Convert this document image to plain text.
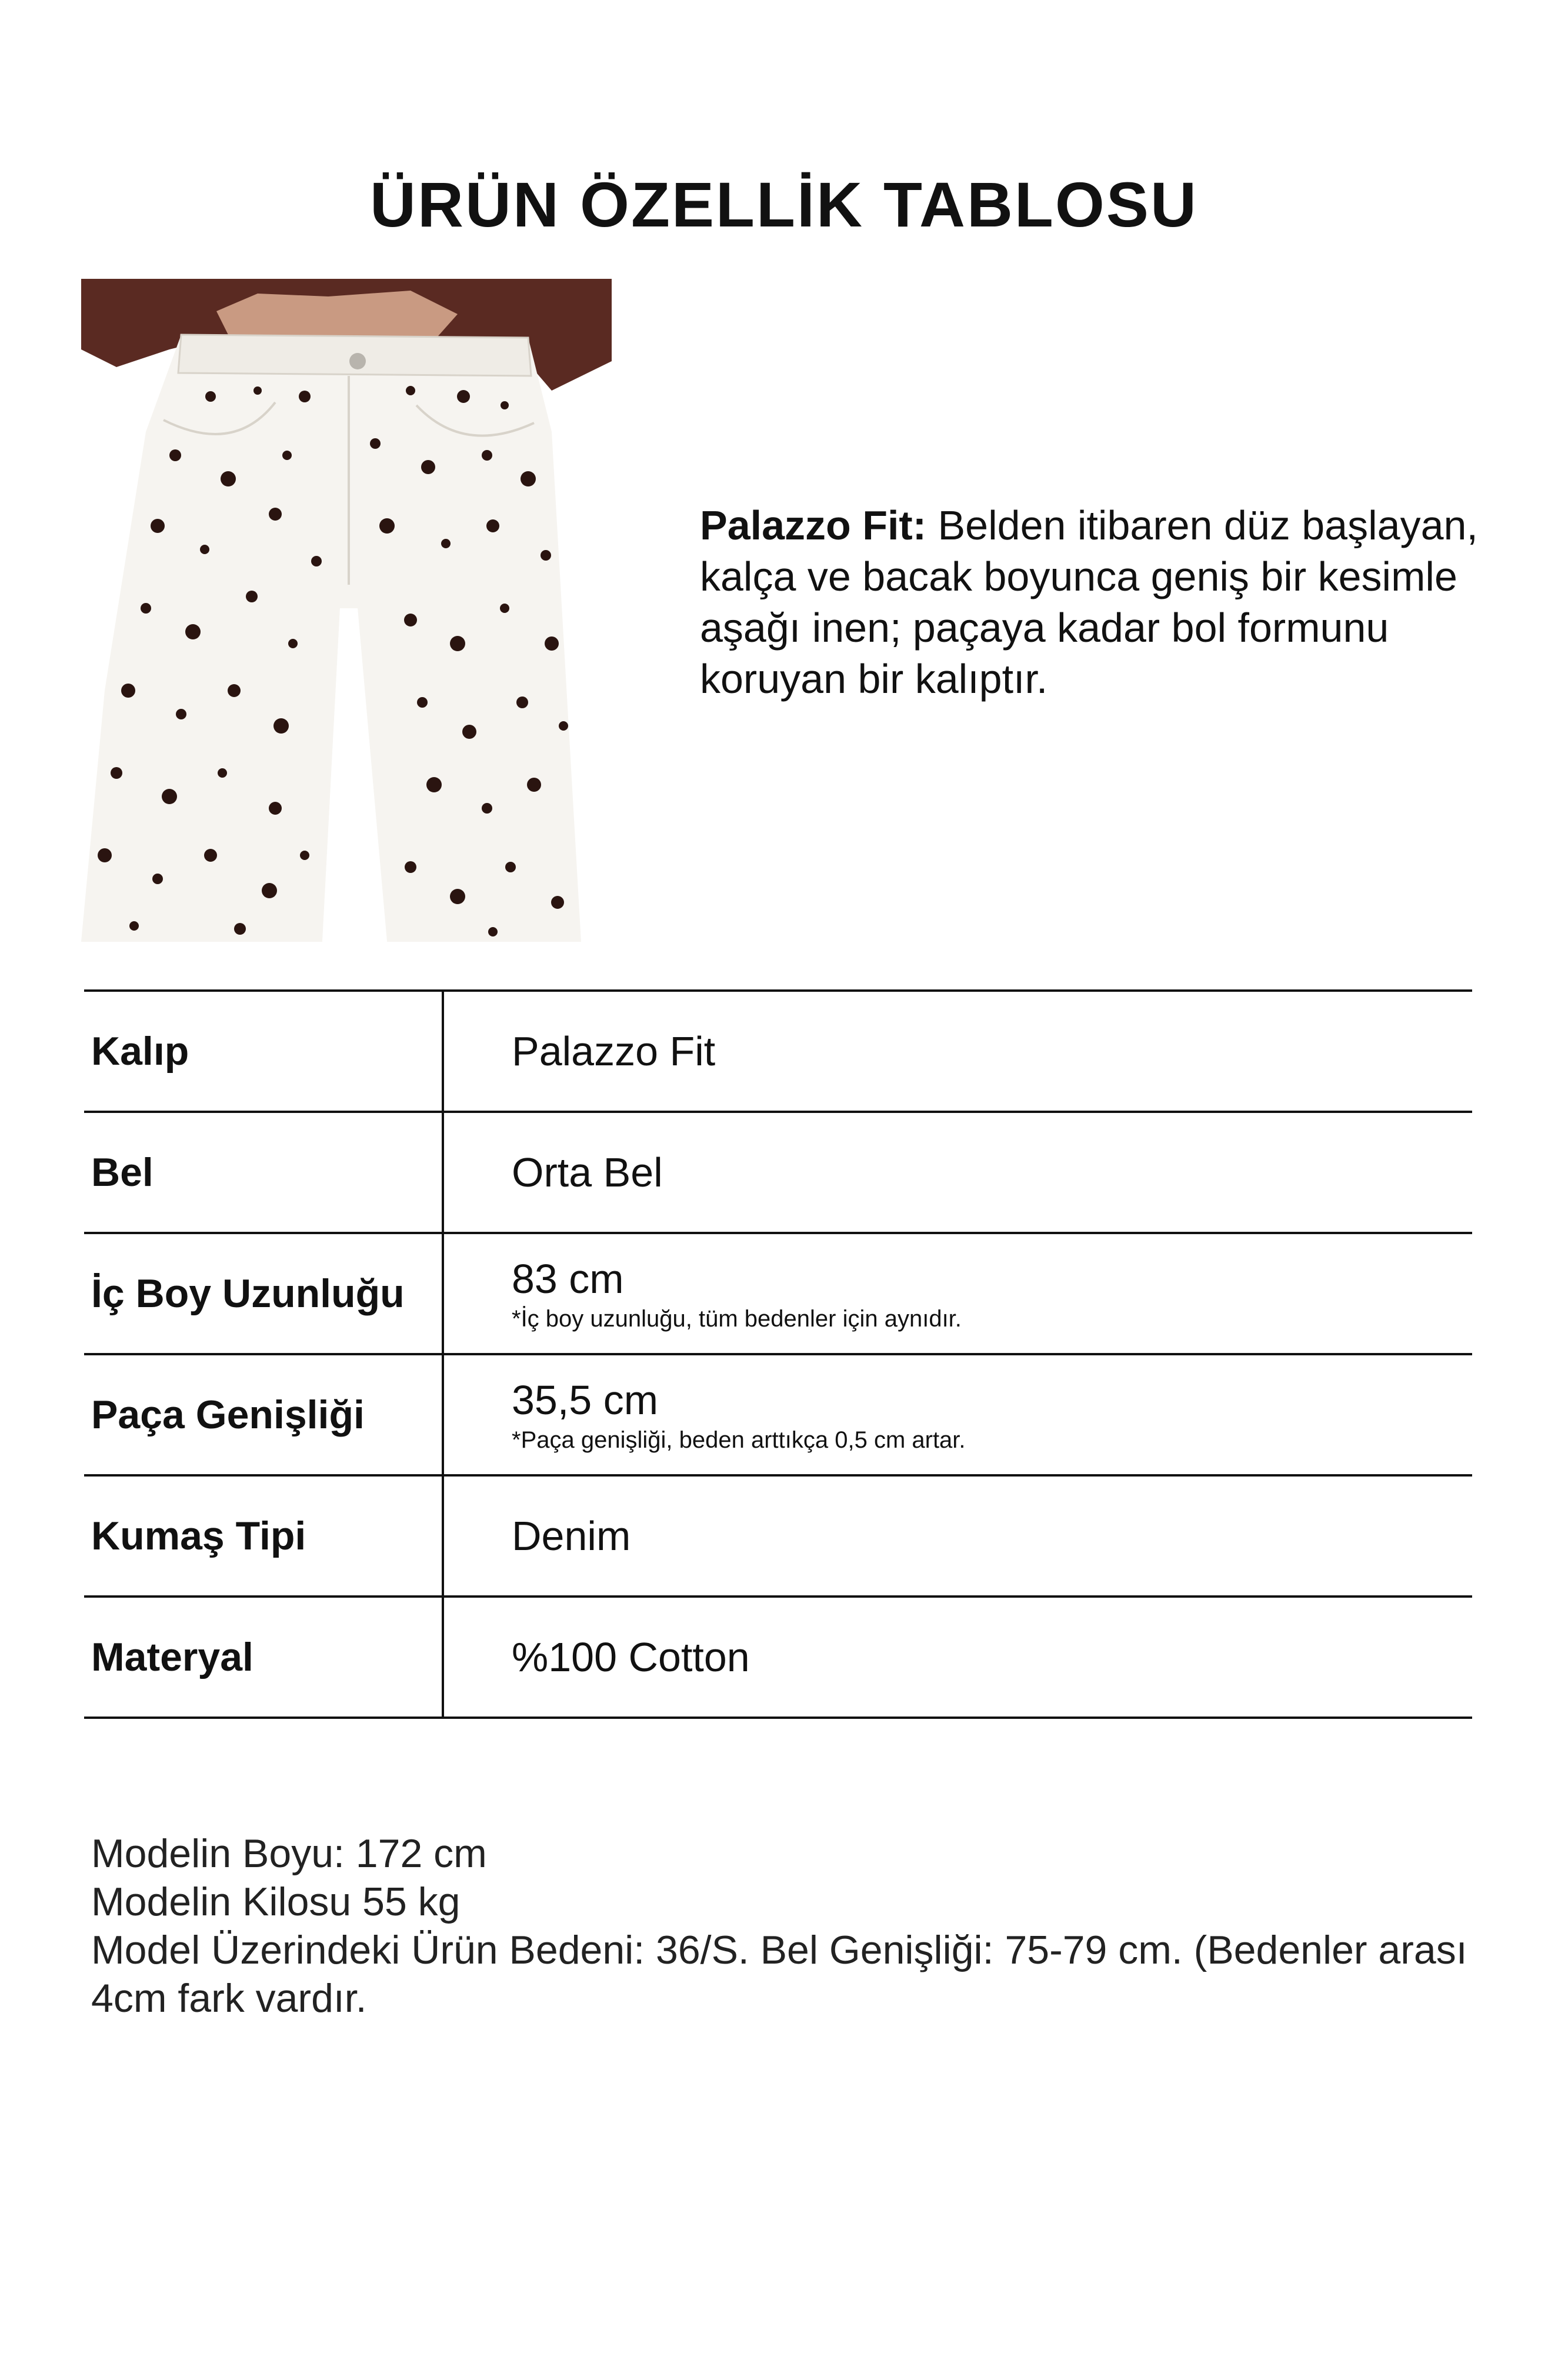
ÜRÜN ÖZELLİK TABLOSU

Palazzo Fit: Belden itibaren düz başlayan, kalça ve bacak boyunca geniş bir kesimle aşağı inen; paçaya kadar bol formunu koruyan bir kalıptır.

Kalıp	Palazzo Fit
Bel	Orta Bel
İç Boy Uzunluğu	83 cm
*İç boy uzunluğu, tüm bedenler için aynıdır.

Paça Genişliği	35,5 cm
*Paça genişliği, beden arttıkça 0,5 cm artar.

Kumaş Tipi	Denim
Materyal	%100 Cotton
Modelin Boyu: 172 cm
Modelin Kilosu 55 kg
Model Üzerindeki Ürün Bedeni: 36/S. Bel Genişliği: 75-79 cm. (Bedenler arası 4cm fark vardır.
